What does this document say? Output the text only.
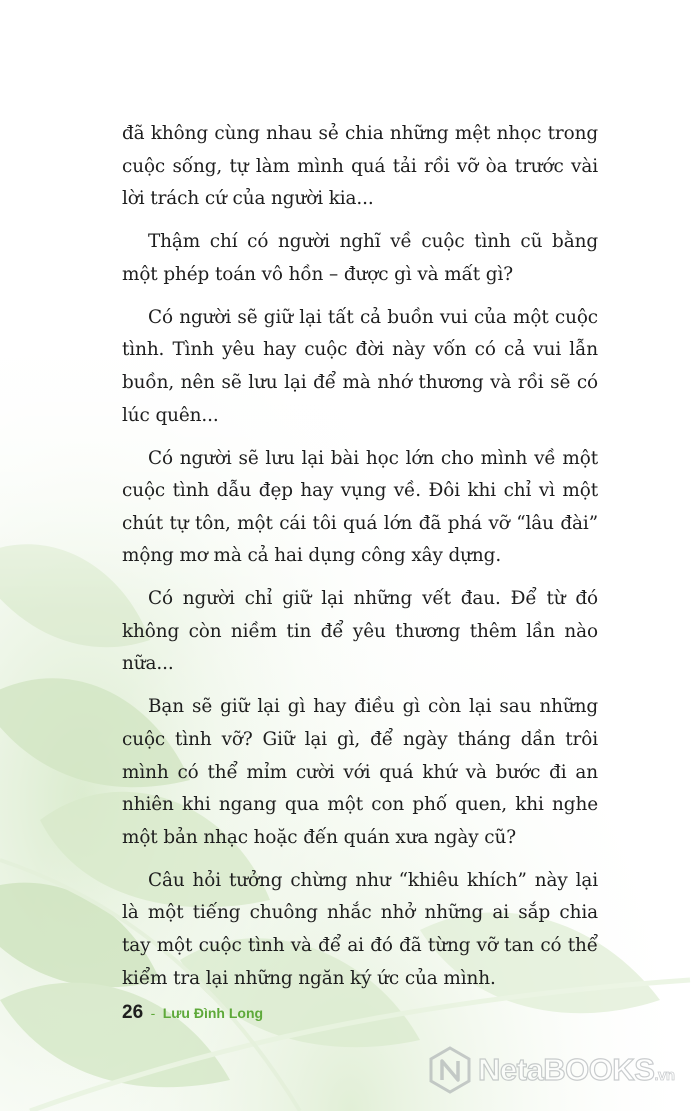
đã không cùng nhau sẻ chia những mệt nhọc trong cuộc sống, tự làm mình quá tải rồi vỡ òa trước vài lời trách cứ của người kia...

Thậm chí có người nghĩ về cuộc tình cũ bằng một phép toán vô hồn – được gì và mất gì?

Có người sẽ giữ lại tất cả buồn vui của một cuộc tình. Tình yêu hay cuộc đời này vốn có cả vui lẫn buồn, nên sẽ lưu lại để mà nhớ thương và rồi sẽ có lúc quên...

Có người sẽ lưu lại bài học lớn cho mình về một cuộc tình dẫu đẹp hay vụng về. Đôi khi chỉ vì một chút tự tôn, một cái tôi quá lớn đã phá vỡ “lâu đài” mộng mơ mà cả hai dụng công xây dựng.

Có người chỉ giữ lại những vết đau. Để từ đó không còn niềm tin để yêu thương thêm lần nào nữa...

Bạn sẽ giữ lại gì hay điều gì còn lại sau những cuộc tình vỡ? Giữ lại gì, để ngày tháng dần trôi mình có thể mỉm cười với quá khứ và bước đi an nhiên khi ngang qua một con phố quen, khi nghe một bản nhạc hoặc đến quán xưa ngày cũ?

Câu hỏi tưởng chừng như “khiêu khích” này lại là một tiếng chuông nhắc nhở những ai sắp chia tay một cuộc tình và để ai đó đã từng vỡ tan có thể kiểm tra lại những ngăn ký ức của mình.

26 - Lưu Đình Long
NetaBOOKS.vn
